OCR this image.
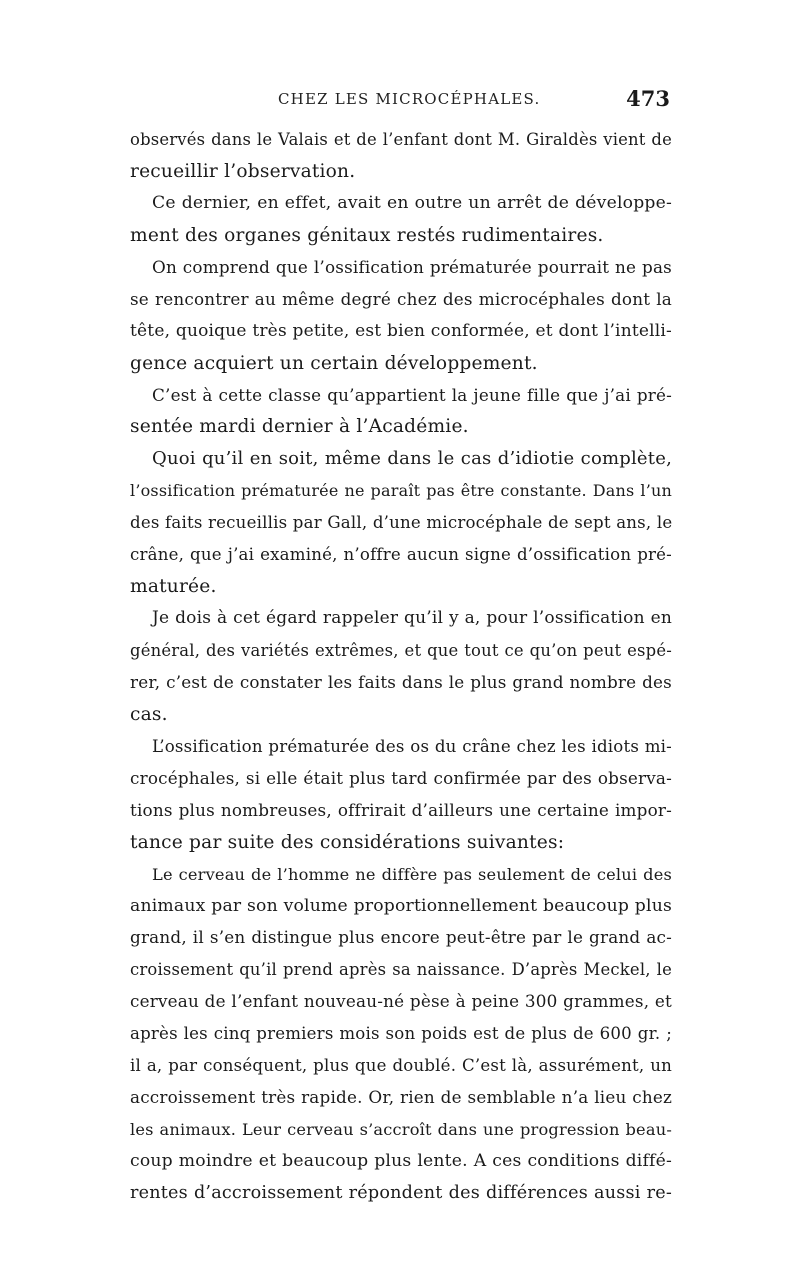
CHEZ LES MICROCÉPHALES.	473
observés dans le Valais et de l’enfant dont M. Giraldès vient de
recueillir l’observation.
Ce dernier, en effet, avait en outre un arrêt de développe-
ment des organes génitaux restés rudimentaires.
On comprend que l’ossification prématurée pourrait ne pas
se rencontrer au même degré chez des microcéphales dont la
tête, quoique très petite, est bien conformée, et dont l’intelli-
gence acquiert un certain développement.
C’est à cette classe qu’appartient la jeune fille que j’ai pré-
sentée mardi dernier à l’Académie.
Quoi qu’il en soit, même dans le cas d’idiotie complète,
l’ossification prématurée ne paraît pas être constante. Dans l’un
des faits recueillis par Gall, d’une microcéphale de sept ans, le
crâne, que j’ai examiné, n’offre aucun signe d’ossification pré-
maturée.
Je dois à cet égard rappeler qu’il y a, pour l’ossification en
général, des variétés extrêmes, et que tout ce qu’on peut espé-
rer, c’est de constater les faits dans le plus grand nombre des
cas.
L’ossification prématurée des os du crâne chez les idiots mi-
crocéphales, si elle était plus tard confirmée par des observa-
tions plus nombreuses, offrirait d’ailleurs une certaine impor-
tance par suite des considérations suivantes:
Le cerveau de l’homme ne diffère pas seulement de celui des
animaux par son volume proportionnellement beaucoup plus
grand, il s’en distingue plus encore peut-être par le grand ac-
croissement qu’il prend après sa naissance. D’après Meckel, le
cerveau de l’enfant nouveau-né pèse à peine 300 grammes, et
après les cinq premiers mois son poids est de plus de 600 gr. ;
il a, par conséquent, plus que doublé. C’est là, assurément, un
accroissement très rapide. Or, rien de semblable n’a lieu chez
les animaux. Leur cerveau s’accroît dans une progression beau-
coup moindre et beaucoup plus lente. A ces conditions diffé-
rentes d’accroissement répondent des différences aussi re-
